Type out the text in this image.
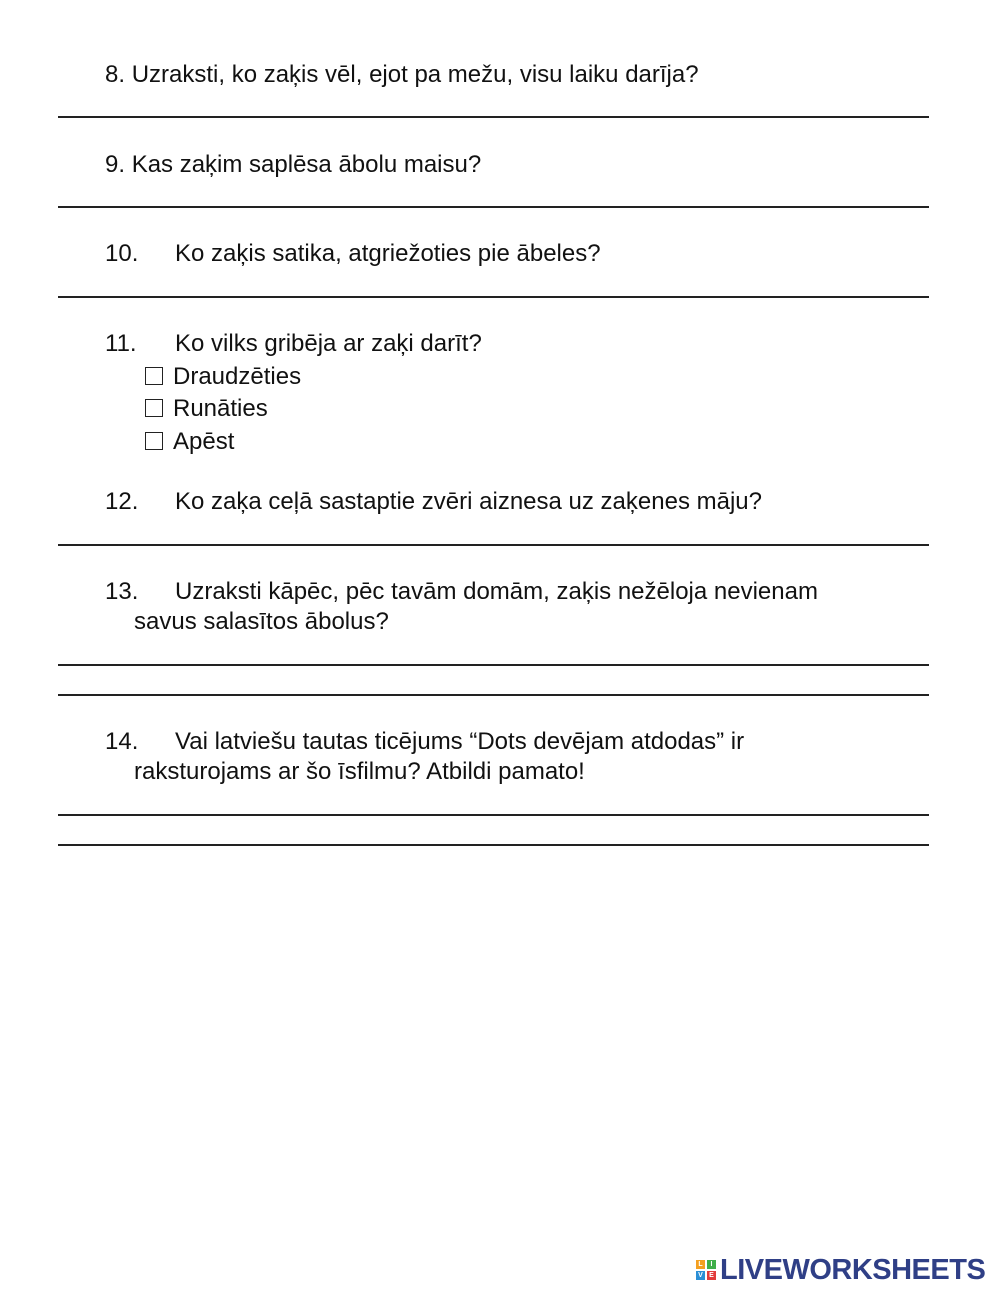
8. Uzraksti, ko zaķis vēl, ejot pa mežu, visu laiku darīja?
9. Kas zaķim saplēsa ābolu maisu?
10. Ko zaķis satika, atgriežoties pie ābeles?
11. Ko vilks gribēja ar zaķi darīt?
Draudzēties
Runāties
Apēst
12. Ko zaķa ceļā sastaptie zvēri aiznesa uz zaķenes māju?
13. Uzraksti kāpēc, pēc tavām domām, zaķis nežēloja nevienam
savus salasītos ābolus?
14. Vai latviešu tautas ticējums “Dots devējam atdodas” ir
raksturojams ar šo īsfilmu? Atbildi pamato!
L	I
V E LIVEWORKSHEETS
